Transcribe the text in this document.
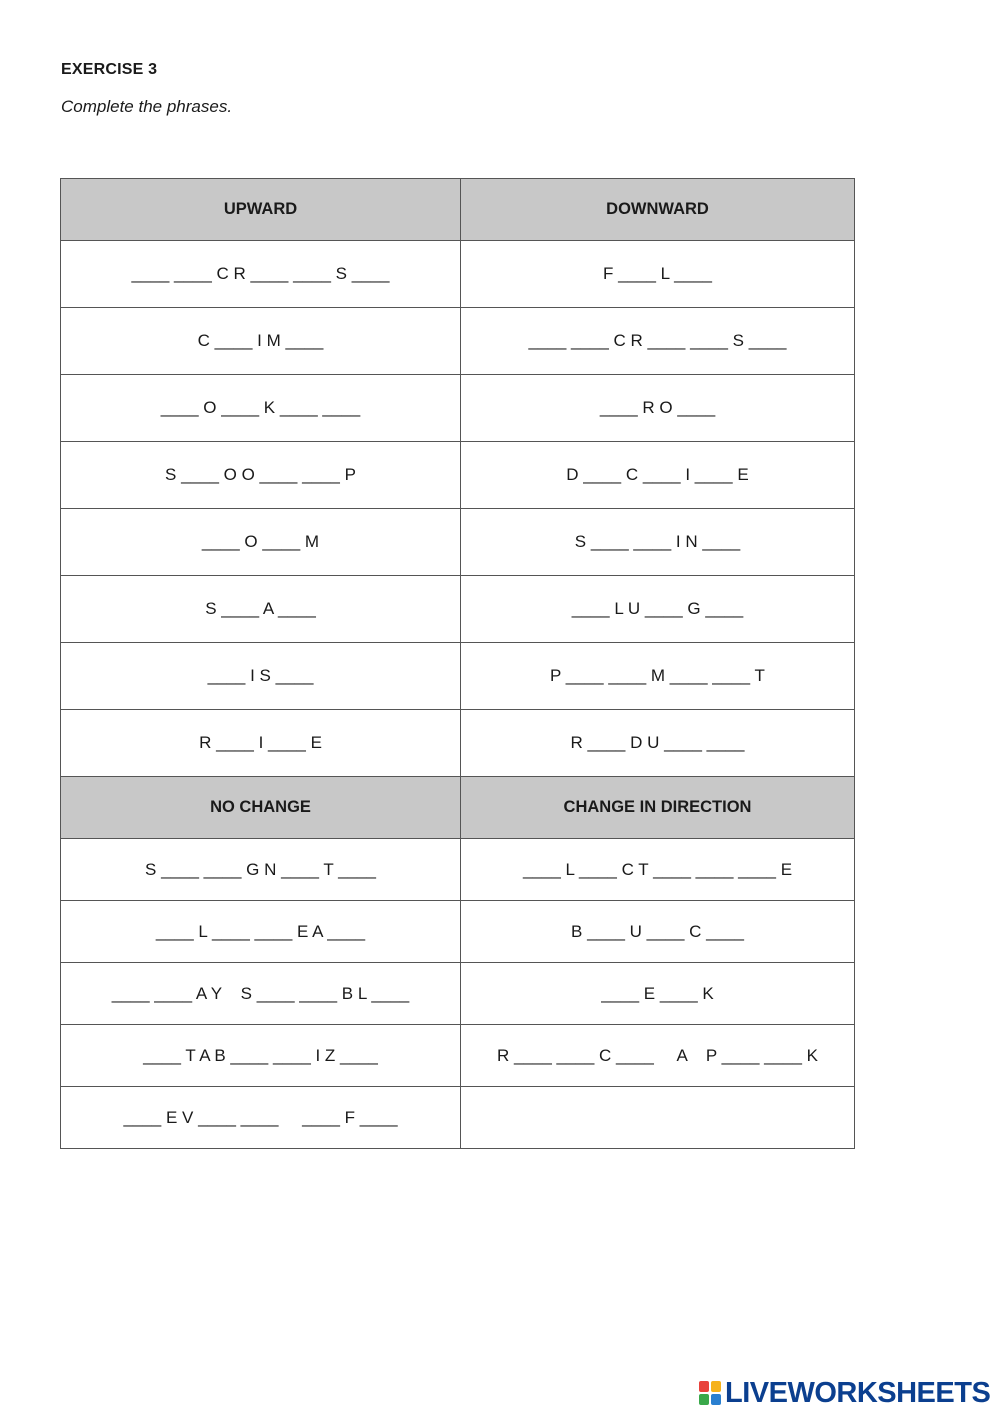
EXERCISE 3
Complete the phrases.
UPWARD	DOWNWARD
____ ____ C R ____ ____ S ____	F ____ L ____
C ____ I M ____	____ ____ C R ____ ____ S ____
____ O ____ K ____ ____	____ R O ____
S ____ O O ____ ____ P	D ____ C ____ I ____ E
____ O ____ M	S ____ ____ I N ____
S ____ A ____	____ L U ____ G ____
____ I S ____	P ____ ____ M ____ ____ T
R ____ I ____ E	R ____ D U ____ ____
NO CHANGE	CHANGE IN DIRECTION
S ____ ____ G N ____ T ____	____ L ____ C T ____ ____ ____ E
____ L ____ ____ E A ____	B ____ U ____ C ____
____ ____ A Y    S ____ ____ B L ____	____ E ____ K
____ T A B ____ ____ I Z ____	R ____ ____ C ____     A    P ____ ____ K
____ E V ____ ____     ____ F ____	
LIVEWORKSHEETS
